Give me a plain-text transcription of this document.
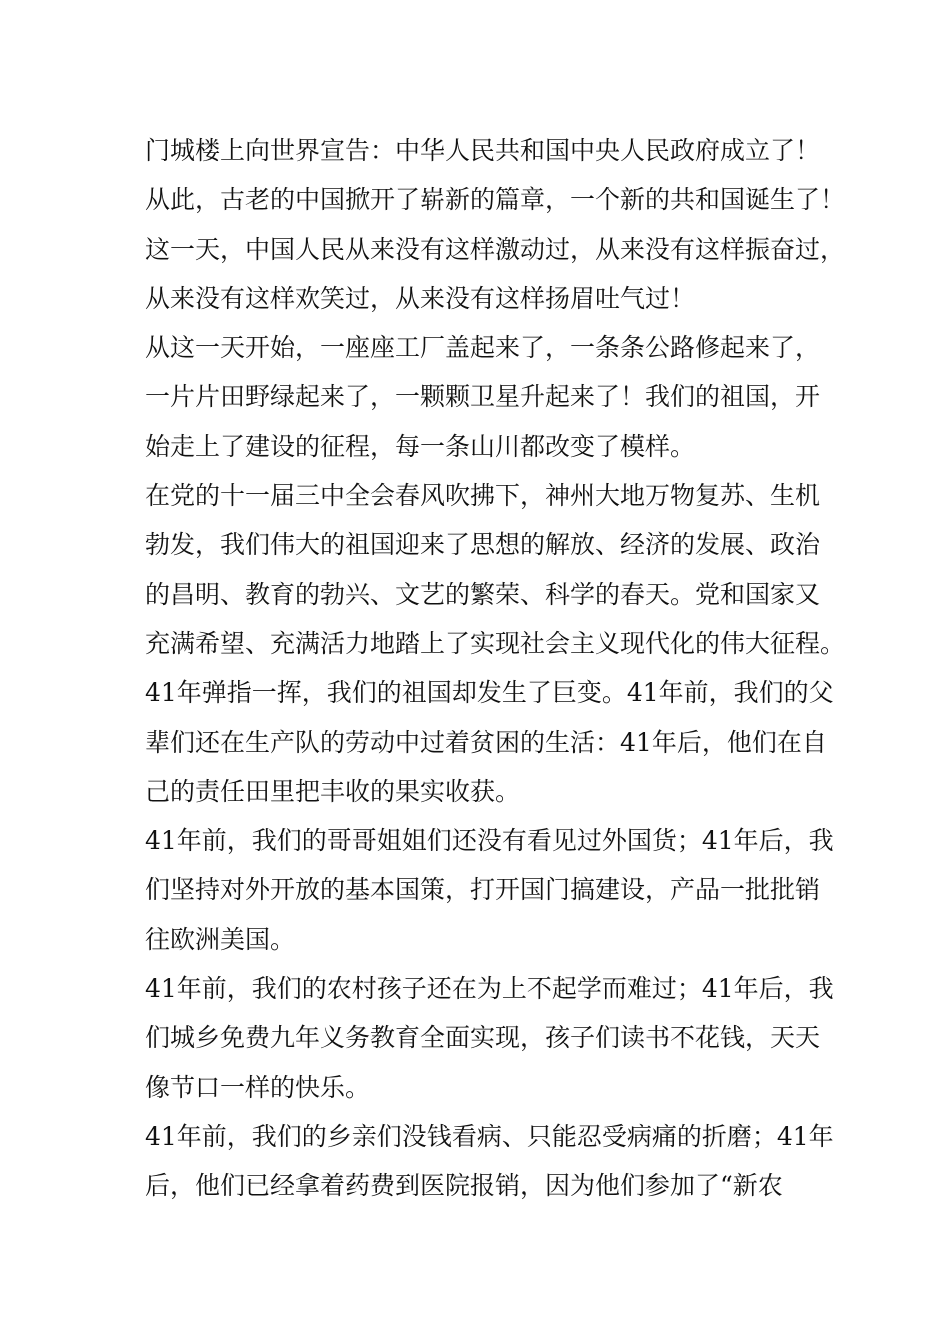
门城楼上向世界宣告：中华人民共和国中央人民政府成立了！
从此，古老的中国掀开了崭新的篇章，一个新的共和国诞生了！
这一天，中国人民从来没有这样激动过，从来没有这样振奋过，
从来没有这样欢笑过，从来没有这样扬眉吐气过！
从这一天开始，一座座工厂盖起来了，一条条公路修起来了，
一片片田野绿起来了，一颗颗卫星升起来了！我们的祖国，开
始走上了建设的征程，每一条山川都改变了模样。
在党的十一届三中全会春风吹拂下，神州大地万物复苏、生机
勃发，我们伟大的祖国迎来了思想的解放、经济的发展、政治
的昌明、教育的勃兴、文艺的繁荣、科学的春天。党和国家又
充满希望、充满活力地踏上了实现社会主义现代化的伟大征程。
41年弹指一挥，我们的祖国却发生了巨变。41年前，我们的父
辈们还在生产队的劳动中过着贫困的生活：41年后，他们在自
己的责任田里把丰收的果实收获。
41年前，我们的哥哥姐姐们还没有看见过外国货；41年后，我
们坚持对外开放的基本国策，打开国门搞建设，产品一批批销
往欧洲美国。
41年前，我们的农村孩子还在为上不起学而难过；41年后，我
们城乡免费九年义务教育全面实现，孩子们读书不花钱，天天
像节口一样的快乐。
41年前，我们的乡亲们没钱看病、只能忍受病痛的折磨；41年
后，他们已经拿着药费到医院报销，因为他们参加了“新农
